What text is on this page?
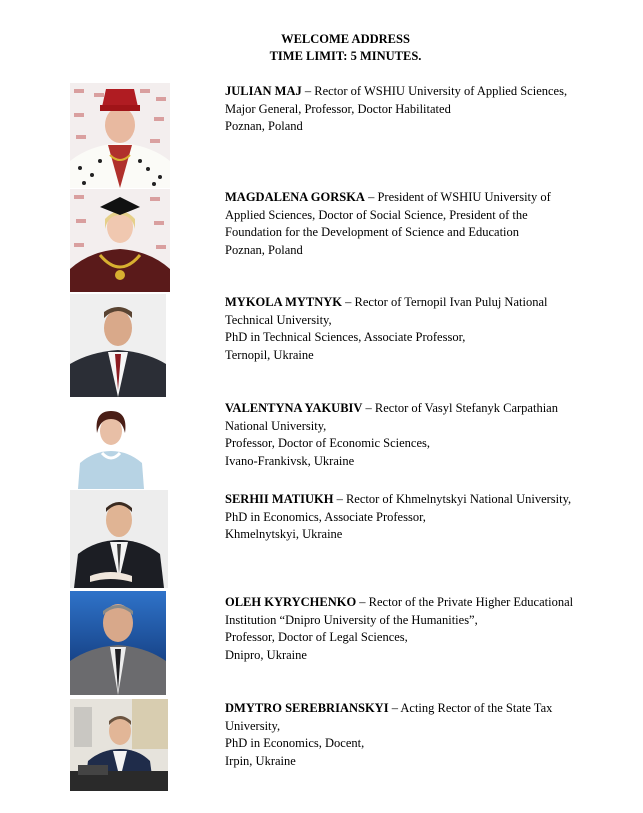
WELCOME ADDRESS
TIME LIMIT: 5 MINUTES.
JULIAN MAJ – Rector of WSHIU University of Applied Sciences,
Major General, Professor, Doctor Habilitated
Poznan, Poland
MAGDALENA GORSKA – President of WSHIU University of
Applied Sciences, Doctor of Social Science, President of the
Foundation for the Development of Science and Education
Poznan, Poland
MYKOLA MYTNYK – Rector of Ternopil Ivan Puluj National
Technical University,
PhD in Technical Sciences, Associate Professor,
Ternopil, Ukraine
VALENTYNA YAKUBIV – Rector of Vasyl Stefanyk Carpathian
National University,
Professor, Doctor of Economic Sciences,
Ivano-Frankivsk, Ukraine
SERHII MATIUKH – Rector of Khmelnytskyi National University,
PhD in Economics, Associate Professor,
Khmelnytskyi, Ukraine
OLEH KYRYCHENKO – Rector of the Private Higher Educational
Institution “Dnipro University of the Humanities”,
Professor, Doctor of Legal Sciences,
Dnipro, Ukraine
DMYTRO SEREBRIANSKYI – Acting Rector of the State Tax
University,
PhD in Economics, Docent,
Irpin, Ukraine
